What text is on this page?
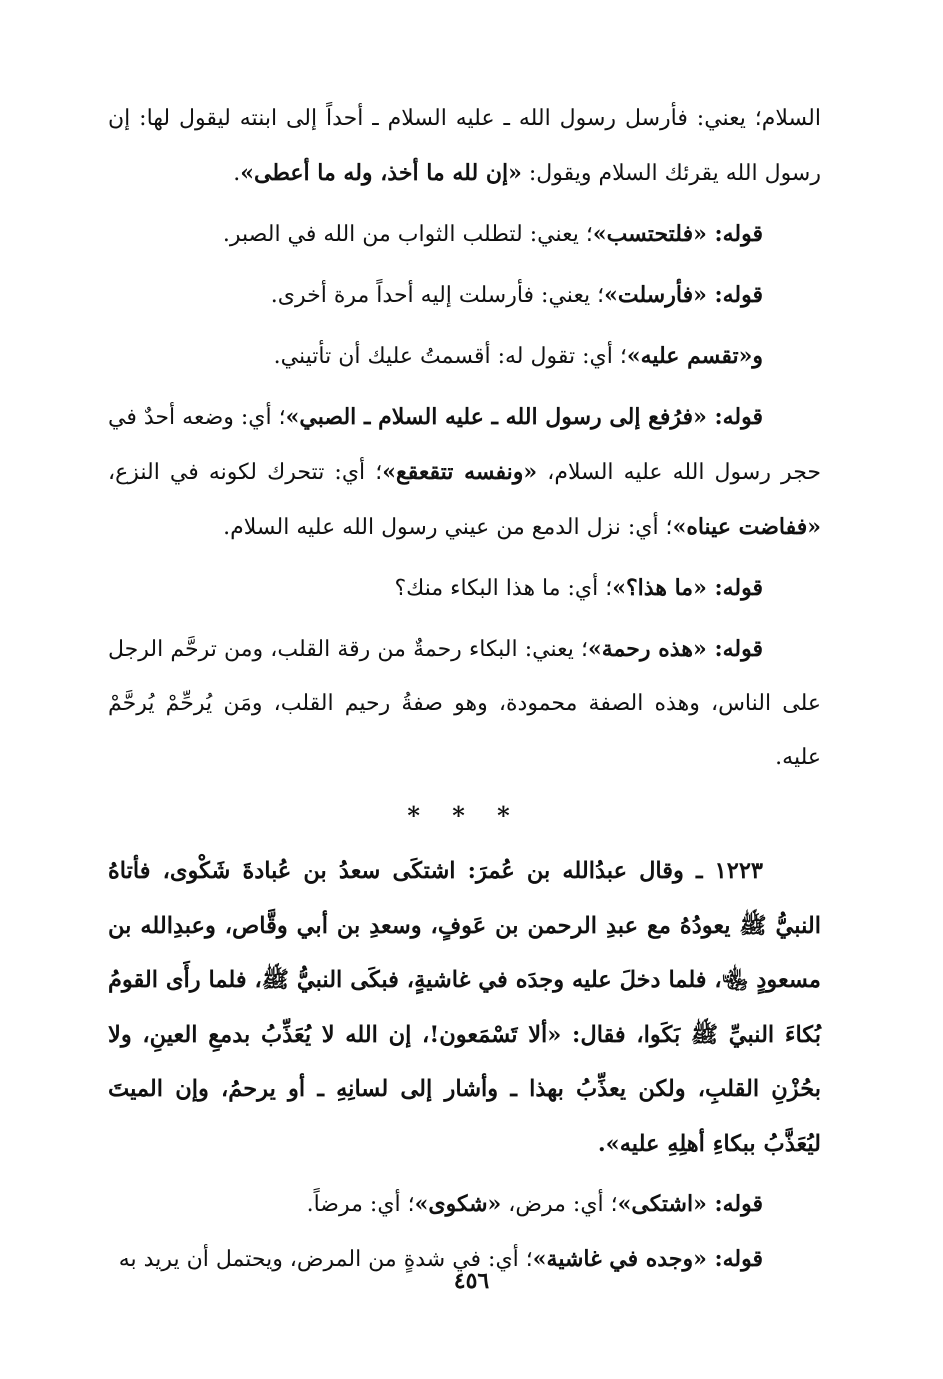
السلام؛ يعني: فأرسل رسول الله ـ عليه السلام ـ أحداً إلى ابنته ليقول لها: إن رسول الله يقرئك السلام ويقول: «إن لله ما أخذ، وله ما أعطى».

قوله: «فلتحتسب»؛ يعني: لتطلب الثواب من الله في الصبر.

قوله: «فأرسلت»؛ يعني: فأرسلت إليه أحداً مرة أخرى.

و«تقسم عليه»؛ أي: تقول له: أقسمتُ عليك أن تأتيني.

قوله: «فرُفع إلى رسول الله ـ عليه السلام ـ الصبي»؛ أي: وضعه أحدٌ في حجر رسول الله عليه السلام، «ونفسه تتقعقع»؛ أي: تتحرك لكونه في النزع، «ففاضت عيناه»؛ أي: نزل الدمع من عيني رسول الله عليه السلام.

قوله: «ما هذا؟»؛ أي: ما هذا البكاء منك؟

قوله: «هذه رحمة»؛ يعني: البكاء رحمةٌ من رقة القلب، ومن ترحَّم الرجل على الناس، وهذه الصفة محمودة، وهو صفةُ رحيم القلب، ومَن يُرحِّمْ يُرحَّمْ عليه.

* * *

١٢٢٣ ـ وقال عبدُالله بن عُمرَ: اشتكَى سعدُ بن عُبادةَ شَكْوى، فأتاهُ النبيُّ ﷺ يعودُهُ مع عبدِ الرحمن بن عَوفٍ، وسعدِ بن أبي وقَّاص، وعبدِالله بن مسعودٍ ﵄، فلما دخلَ عليه وجدَه في غاشيةٍ، فبكَى النبيُّ ﷺ، فلما رأَى القومُ بُكاءَ النبيِّ ﷺ بَكَوا، فقال: «ألا تَسْمَعون!، إن الله لا يُعَذِّبُ بدمعِ العينِ، ولا بحُزْنِ القلبِ، ولكن يعذِّبُ بهذا ـ وأشار إلى لسانِهِ ـ أو يرحمُ، وإن الميتَ ليُعَذَّبُ ببكاءِ أهلِهِ عليه».

قوله: «اشتكى»؛ أي: مرض، «شكوى»؛ أي: مرضاً.

قوله: «وجده في غاشية»؛ أي: في شدةٍ من المرض، ويحتمل أن يريد به

٤٥٦
